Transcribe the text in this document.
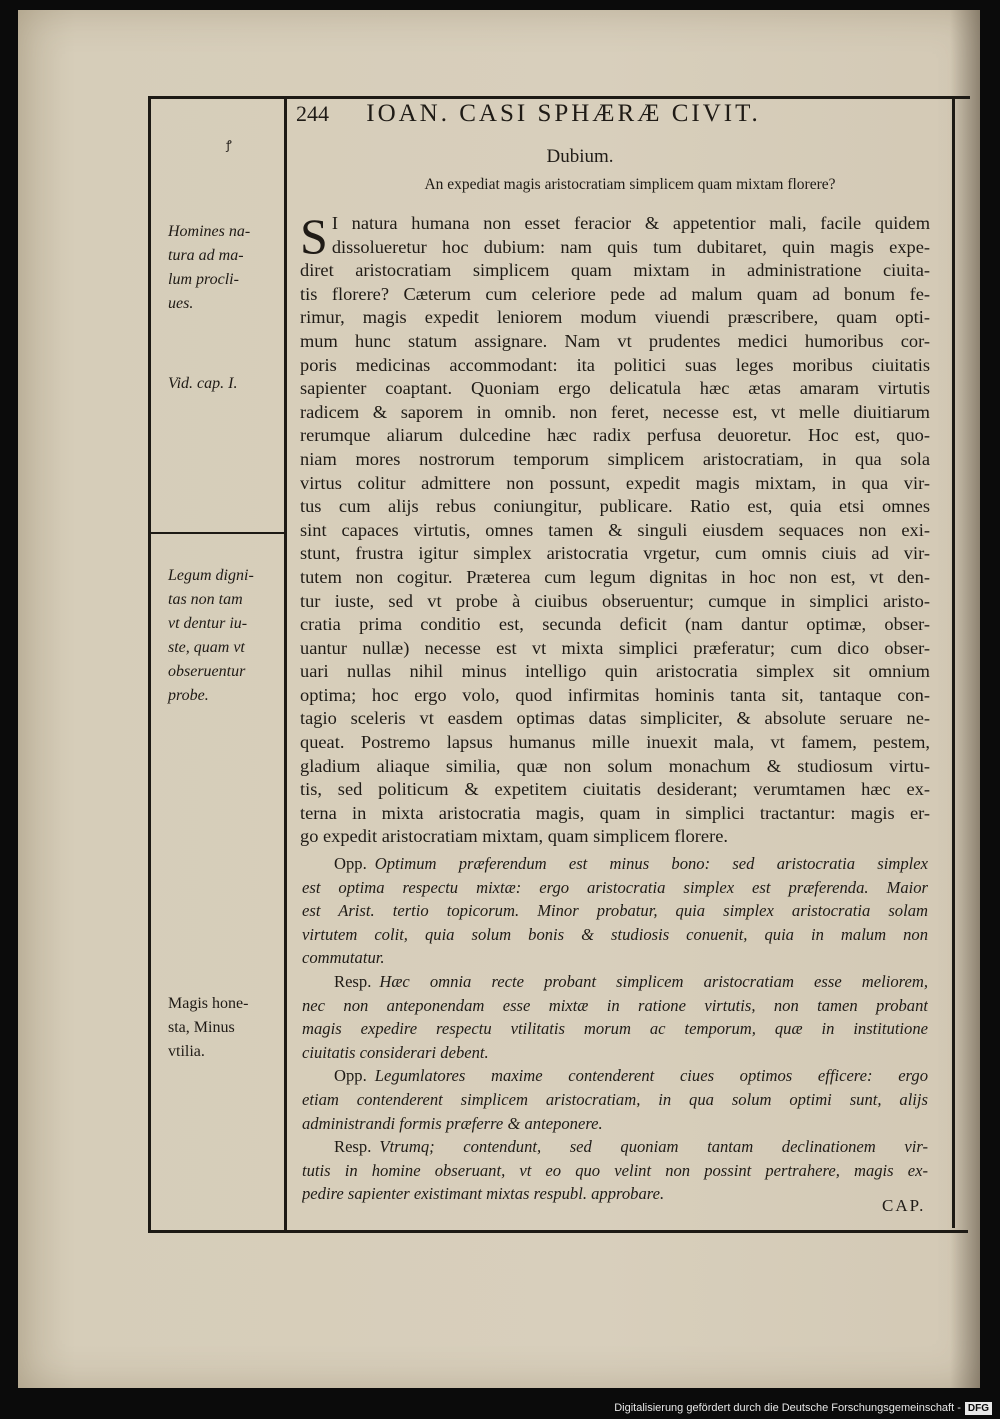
244 IOAN. CASI SPHÆRÆ CIVIT.
ꝭ
Dubium.
An expediat magis aristocratiam simplicem quam mixtam florere?
S I natura humana non esset feracior & appetentior mali, facile quidem
dissolueretur hoc dubium: nam quis tum dubitaret, quin magis expe-
diret aristocratiam simplicem quam mixtam in administratione ciuita-
tis florere? Cæterum cum celeriore pede ad malum quam ad bonum fe-
rimur, magis expedit leniorem modum viuendi præscribere, quam opti-
mum hunc statum assignare. Nam vt prudentes medici humoribus cor-
poris medicinas accommodant: ita politici suas leges moribus ciuitatis
sapienter coaptant. Quoniam ergo delicatula hæc ætas amaram virtutis
radicem & saporem in omnib. non feret, necesse est, vt melle diuitiarum
rerumque aliarum dulcedine hæc radix perfusa deuoretur. Hoc est, quo-
niam mores nostrorum temporum simplicem aristocratiam, in qua sola
virtus colitur admittere non possunt, expedit magis mixtam, in qua vir-
tus cum alijs rebus coniungitur, publicare. Ratio est, quia etsi omnes
sint capaces virtutis, omnes tamen & singuli eiusdem sequaces non exi-
stunt, frustra igitur simplex aristocratia vrgetur, cum omnis ciuis ad vir-
tutem non cogitur. Præterea cum legum dignitas in hoc non est, vt den-
tur iuste, sed vt probe à ciuibus obseruentur; cumque in simplici aristo-
cratia prima conditio est, secunda deficit (nam dantur optimæ, obser-
uantur nullæ) necesse est vt mixta simplici præferatur; cum dico obser-
uari nullas nihil minus intelligo quin aristocratia simplex sit omnium
optima; hoc ergo volo, quod infirmitas hominis tanta sit, tantaque con-
tagio sceleris vt easdem optimas datas simpliciter, & absolute seruare ne-
queat. Postremo lapsus humanus mille inuexit mala, vt famem, pestem,
gladium aliaque similia, quæ non solum monachum & studiosum virtu-
tis, sed politicum & expetitem ciuitatis desiderant; verumtamen hæc ex-
terna in mixta aristocratia magis, quam in simplici tractantur: magis er-
go expedit aristocratiam mixtam, quam simplicem florere.
Opp. Optimum præferendum est minus bono: sed aristocratia simplex
est optima respectu mixtæ: ergo aristocratia simplex est præferenda. Maior
est Arist. tertio topicorum. Minor probatur, quia simplex aristocratia solam
virtutem colit, quia solum bonis & studiosis conuenit, quia in malum non
commutatur.
Resp. Hæc omnia recte probant simplicem aristocratiam esse meliorem,
nec non anteponendam esse mixtæ in ratione virtutis, non tamen probant
magis expedire respectu vtilitatis morum ac temporum, quæ in institutione
ciuitatis considerari debent.
Opp. Legumlatores maxime contenderent ciues optimos efficere: ergo
etiam contenderent simplicem aristocratiam, in qua solum optimi sunt, alijs
administrandi formis præferre & anteponere.
Resp. Vtrumq; contendunt, sed quoniam tantam declinationem vir-
tutis in homine obseruant, vt eo quo velint non possint pertrahere, magis ex-
pedire sapienter existimant mixtas respubl. approbare.
Homines na-
tura ad ma-
lum procli-
ues.
Vid. cap. I.
Legum digni-
tas non tam
vt dentur iu-
ste, quam vt
obseruentur
probe.
Magis hone-
sta, Minus
vtilia.
CAP.
Digitalisierung gefördert durch die Deutsche Forschungsgemeinschaft - DFG
